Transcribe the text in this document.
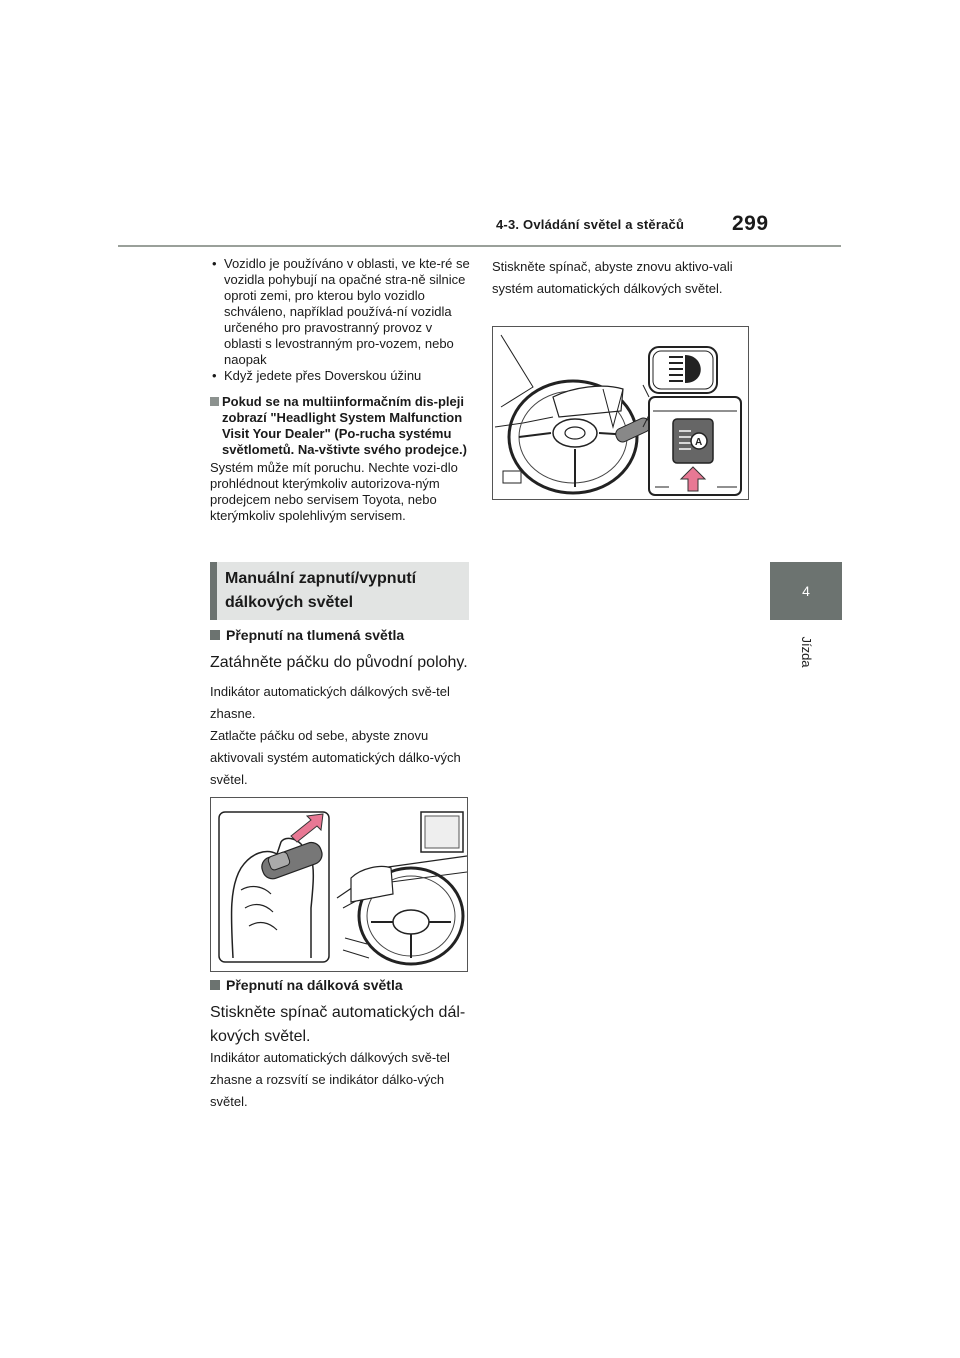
4-3. Ovládání světel a stěračů 299
4
Jízda
• Vozidlo je používáno v oblasti, ve kte-ré se vozidla pohybují na opačné stra-ně silnice oproti zemi, pro kterou bylo vozidlo schváleno, například používá-ní vozidla určeného pro pravostranný provoz v oblasti s levostranným pro-vozem, nebo naopak
• Když jedete přes Doverskou úžinu
Pokud se na multiinformačním dis-pleji zobrazí "Headlight System Malfunction Visit Your Dealer" (Po-rucha systému světlometů. Na-vštivte svého prodejce.)
Systém může mít poruchu. Nechte vozi-dlo prohlédnout kterýmkoliv autorizova-ným prodejcem nebo servisem Toyota, nebo kterýmkoliv spolehlivým servisem.
Manuální zapnutí/vypnutí
dálkových světel
Přepnutí na tlumená světla
Zatáhněte páčku do původní polohy.
Indikátor automatických dálkových svě-tel zhasne.
Zatlačte páčku od sebe, abyste znovu aktivovali systém automatických dálko-vých světel.
Přepnutí na dálková světla
Stiskněte spínač automatických dál-kových světel.
Indikátor automatických dálkových svě-tel zhasne a rozsvítí se indikátor dálko-vých světel.
Stiskněte spínač, abyste znovu aktivo-vali systém automatických dálkových světel.
A
